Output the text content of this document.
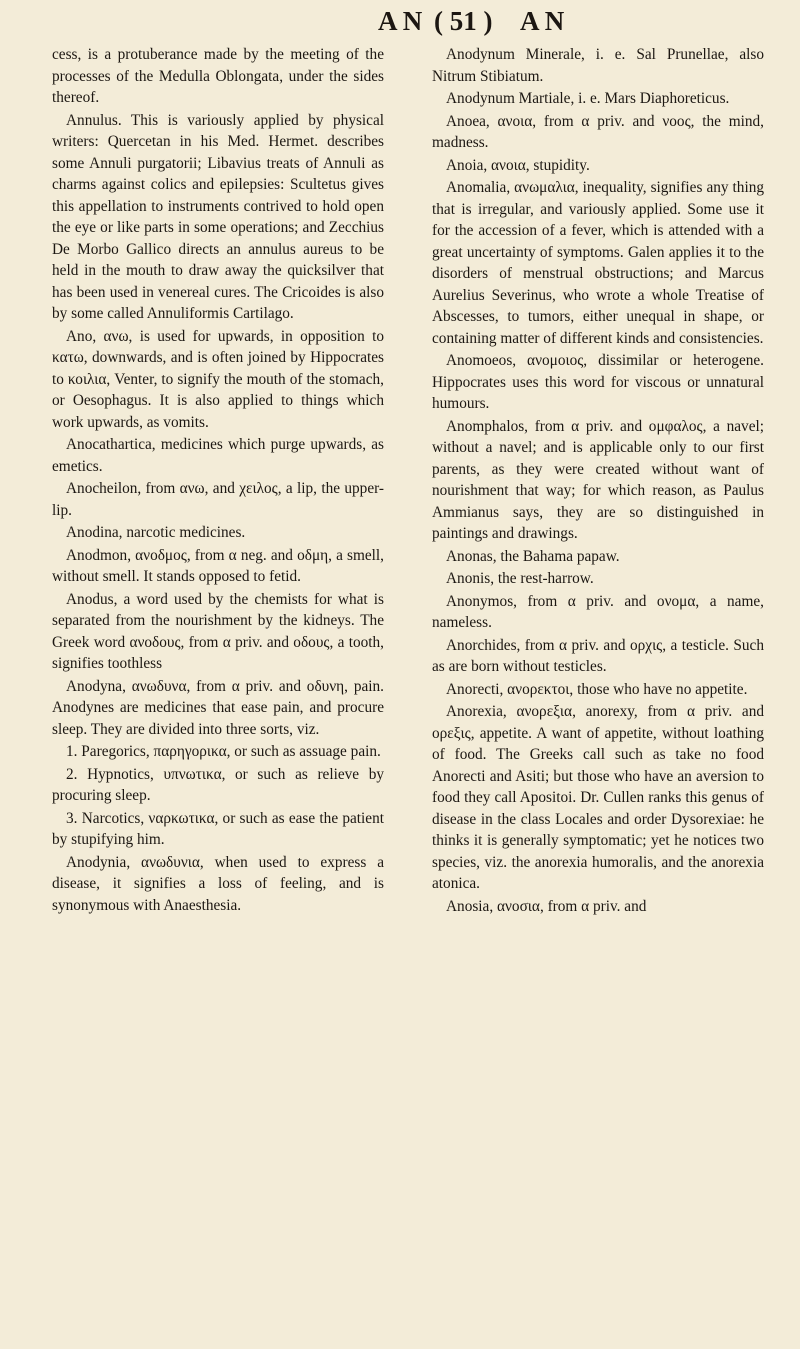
A N ( 51 ) A N

cess, is a protuberance made by the meeting of the processes of the Medulla Oblongata, under the sides thereof.

Annulus. This is variously applied by physical writers: Quercetan in his Med. Hermet. describes some Annuli purgatorii; Libavius treats of Annuli as charms against colics and epilepsies: Scultetus gives this appellation to instruments contrived to hold open the eye or like parts in some operations; and Zecchius De Morbo Gallico directs an annulus aureus to be held in the mouth to draw away the quicksilver that has been used in venereal cures. The Cricoides is also by some called Annuliformis Cartilago.

Ano, ανω, is used for upwards, in opposition to κατω, downwards, and is often joined by Hippocrates to κοιλια, Venter, to signify the mouth of the stomach, or Oesophagus. It is also applied to things which work upwards, as vomits.

Anocathartica, medicines which purge upwards, as emetics.

Anocheilon, from ανω, and χειλος, a lip, the upper-lip.

Anodina, narcotic medicines.

Anodmon, ανοδμος, from α neg. and οδμη, a smell, without smell. It stands opposed to fetid.

Anodus, a word used by the chemists for what is separated from the nourishment by the kidneys. The Greek word ανοδους, from α priv. and οδους, a tooth, signifies toothless

Anodyna, ανωδυνα, from α priv. and οδυνη, pain. Anodynes are medicines that ease pain, and procure sleep. They are divided into three sorts, viz.

1. Paregorics, παρηγορικα, or such as assuage pain.

2. Hypnotics, υπνωτικα, or such as relieve by procuring sleep.

3. Narcotics, ναρκωτικα, or such as ease the patient by stupifying him.

Anodynia, ανωδυνια, when used to express a disease, it signifies a loss of feeling, and is synonymous with Anaesthesia.

Anodynum Minerale, i. e. Sal Prunellae, also Nitrum Stibiatum.

Anodynum Martiale, i. e. Mars Diaphoreticus.

Anoea, ανοια, from α priv. and νοος, the mind, madness.

Anoia, ανοια, stupidity.

Anomalia, ανωμαλια, inequality, signifies any thing that is irregular, and variously applied. Some use it for the accession of a fever, which is attended with a great uncertainty of symptoms. Galen applies it to the disorders of menstrual obstructions; and Marcus Aurelius Severinus, who wrote a whole Treatise of Abscesses, to tumors, either unequal in shape, or containing matter of different kinds and consistencies.

Anomoeos, ανομοιος, dissimilar or heterogene. Hippocrates uses this word for viscous or unnatural humours.

Anomphalos, from α priv. and ομφαλος, a navel; without a navel; and is applicable only to our first parents, as they were created without want of nourishment that way; for which reason, as Paulus Ammianus says, they are so distinguished in paintings and drawings.

Anonas, the Bahama papaw.

Anonis, the rest-harrow.

Anonymos, from α priv. and ονομα, a name, nameless.

Anorchides, from α priv. and ορχις, a testicle. Such as are born without testicles.

Anorecti, ανορεκτοι, those who have no appetite.

Anorexia, ανορεξια, anorexy, from α priv. and ορεξις, appetite. A want of appetite, without loathing of food. The Greeks call such as take no food Anorecti and Asiti; but those who have an aversion to food they call Apositoi. Dr. Cullen ranks this genus of disease in the class Locales and order Dysorexiae: he thinks it is generally symptomatic; yet he notices two species, viz. the anorexia humoralis, and the anorexia atonica.

Anosia, ανοσια, from α priv. and
